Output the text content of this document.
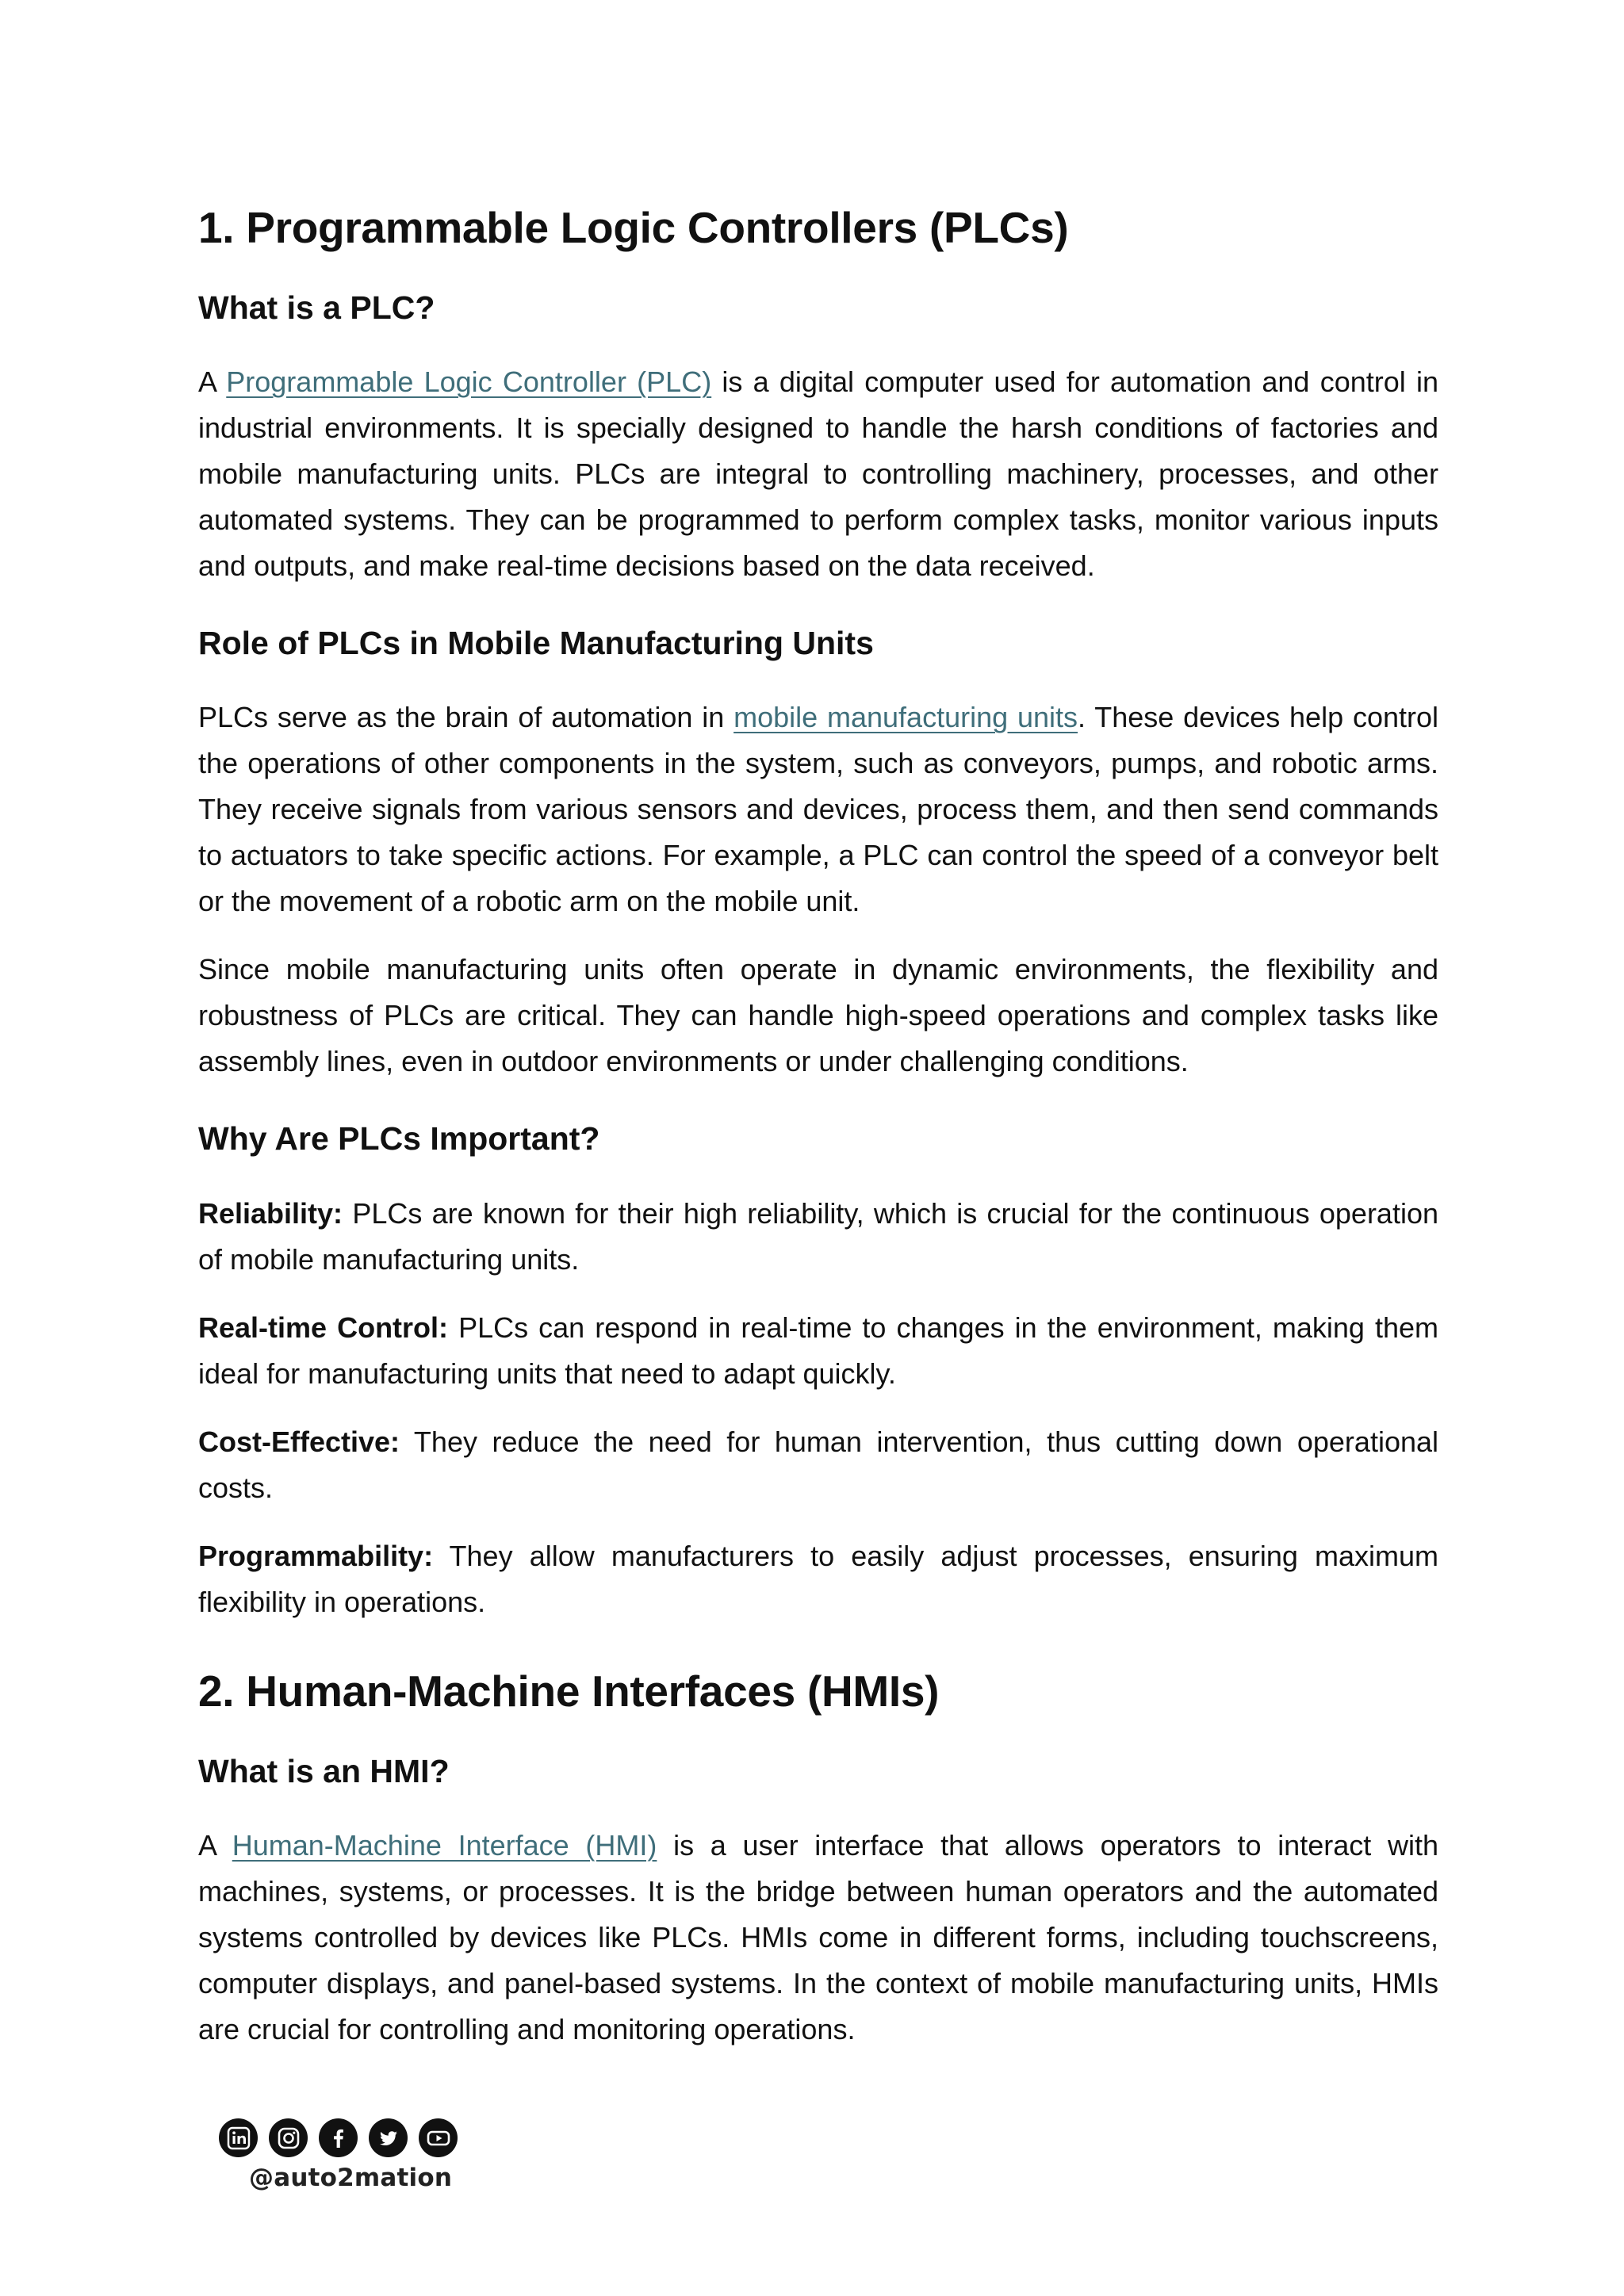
1. Programmable Logic Controllers (PLCs)
What is a PLC?

A Programmable Logic Controller (PLC) is a digital computer used for automation and control in industrial environments. It is specially designed to handle the harsh conditions of factories and mobile manufacturing units. PLCs are integral to controlling machinery, processes, and other automated systems. They can be programmed to perform complex tasks, monitor various inputs and outputs, and make real-time decisions based on the data received.

Role of PLCs in Mobile Manufacturing Units

PLCs serve as the brain of automation in mobile manufacturing units. These devices help control the operations of other components in the system, such as conveyors, pumps, and robotic arms. They receive signals from various sensors and devices, process them, and then send commands to actuators to take specific actions. For example, a PLC can control the speed of a conveyor belt or the movement of a robotic arm on the mobile unit.

Since mobile manufacturing units often operate in dynamic environments, the flexibility and robustness of PLCs are critical. They can handle high-speed operations and complex tasks like assembly lines, even in outdoor environments or under challenging conditions.

Why Are PLCs Important?

Reliability: PLCs are known for their high reliability, which is crucial for the continuous operation of mobile manufacturing units.

Real-time Control: PLCs can respond in real-time to changes in the environment, making them ideal for manufacturing units that need to adapt quickly.

Cost-Effective: They reduce the need for human intervention, thus cutting down operational costs.

Programmability: They allow manufacturers to easily adjust processes, ensuring maximum flexibility in operations.

2. Human-Machine Interfaces (HMIs)
What is an HMI?

A Human-Machine Interface (HMI) is a user interface that allows operators to interact with machines, systems, or processes. It is the bridge between human operators and the automated systems controlled by devices like PLCs. HMIs come in different forms, including touchscreens, computer displays, and panel-based systems. In the context of mobile manufacturing units, HMIs are crucial for controlling and monitoring operations.

@auto2mation
